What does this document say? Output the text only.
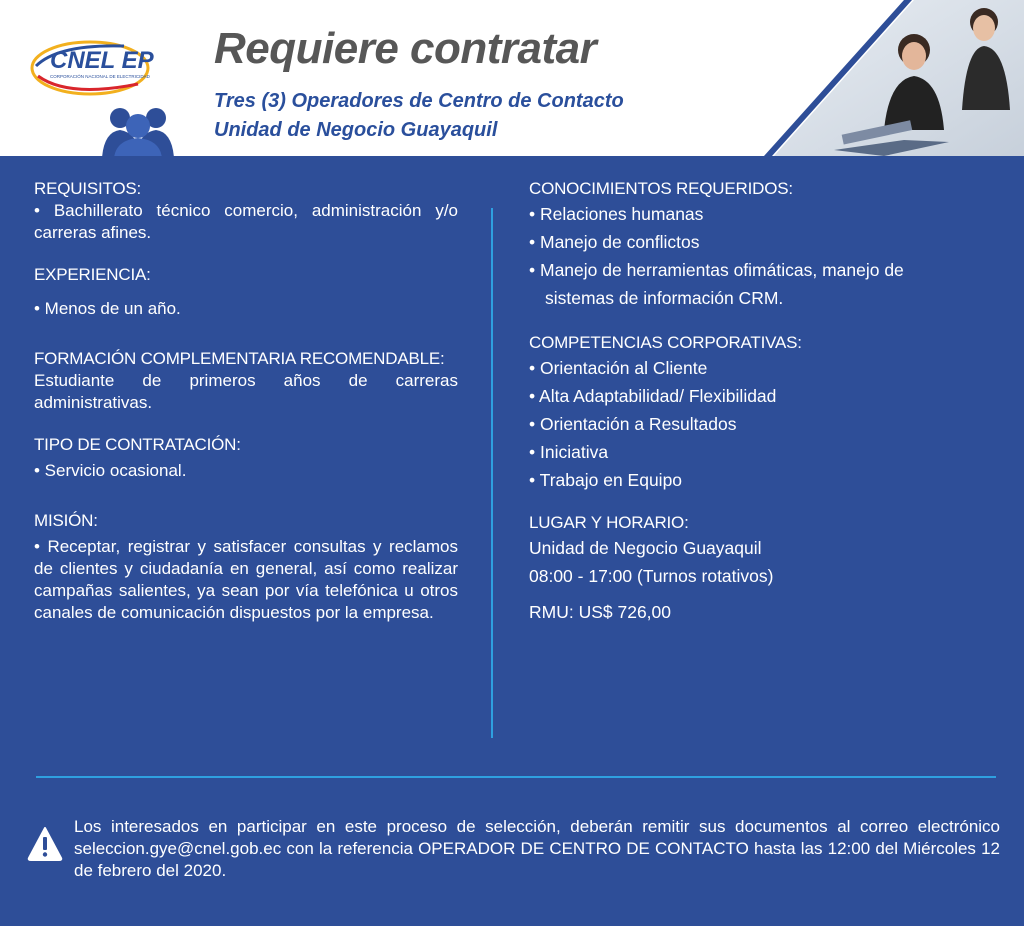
CNEL EP
CORPORACIÓN NACIONAL DE ELECTRICIDAD
Requiere contratar
Tres (3) Operadores de Centro de Contacto
Unidad de Negocio Guayaquil
REQUISITOS:
• Bachillerato técnico comercio, administración y/o carreras afines.
EXPERIENCIA:
• Menos de un año.
FORMACIÓN COMPLEMENTARIA RECOMENDABLE:
Estudiante de primeros años de carreras administrativas.
TIPO DE CONTRATACIÓN:
• Servicio ocasional.
MISIÓN:
• Receptar, registrar y satisfacer consultas y reclamos de clientes y ciudadanía en general, así como realizar campañas salientes, ya sean por vía telefónica u otros canales de comunicación dispuestos por la empresa.
CONOCIMIENTOS REQUERIDOS:
• Relaciones humanas
• Manejo de conflictos
• Manejo de herramientas ofimáticas, manejo de
sistemas de información CRM.
COMPETENCIAS CORPORATIVAS:
• Orientación al Cliente
• Alta Adaptabilidad/ Flexibilidad
• Orientación a Resultados
• Iniciativa
• Trabajo en Equipo
LUGAR Y HORARIO:
Unidad de Negocio Guayaquil
08:00 - 17:00 (Turnos rotativos)
RMU: US$ 726,00
Los interesados en participar en este proceso de selección, deberán remitir sus documentos al correo electrónico seleccion.gye@cnel.gob.ec con la referencia OPERADOR DE CENTRO DE CONTACTO hasta las 12:00 del Miércoles 12 de febrero del 2020.
